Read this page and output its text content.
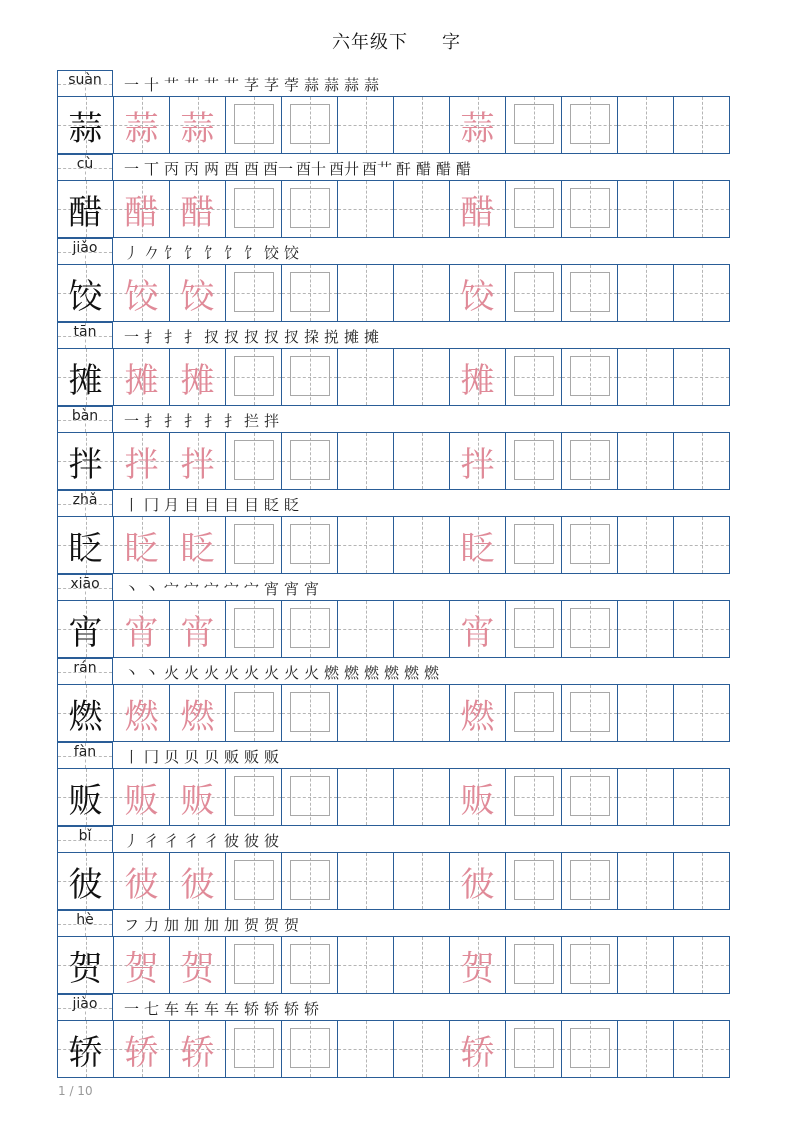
六年级下 字
suàn	一 十 艹 艹 艹 艹 芓 芓 荢 蒜 蒜 蒜 蒜
蒜 蒜 蒜	蒜
cù	一 丅 丙 丙 两 酉 酉 酉一 酉十 酉廾 酉艹 酐 醋 醋 醋
醋 醋 醋	醋
jiǎo	丿 𠂊 饣 饣 饣 饣 饣 饺 饺
饺 饺 饺	饺
tān	一 扌 扌 扌 扠 扠 扠 扠 扠 挅 捝 摊 摊
摊 摊 摊	摊
bàn	一 扌 扌 扌 扌 扌 拦 拌
拌 拌 拌	拌
zhǎ	丨 冂 月 目 目 目 目 眨 眨
眨 眨 眨	眨
xiāo	丶 丶 宀 宀 宀 宀 宀 宵 宵 宵
宵 宵 宵	宵
rán	丶 丶 火 火 火 火 火 火 火 火 燃 燃 燃 燃 燃 燃
燃 燃 燃	燃
fàn	丨 冂 贝 贝 贝 贩 贩 贩
贩 贩 贩	贩
bǐ	丿 彳 彳 彳 彳 彼 彼 彼
彼 彼 彼	彼
hè	フ 力 加 加 加 加 贺 贺 贺
贺 贺 贺	贺
jiào	一 七 车 车 车 车 轿 轿 轿 轿
轿 轿 轿	轿
1 / 10
